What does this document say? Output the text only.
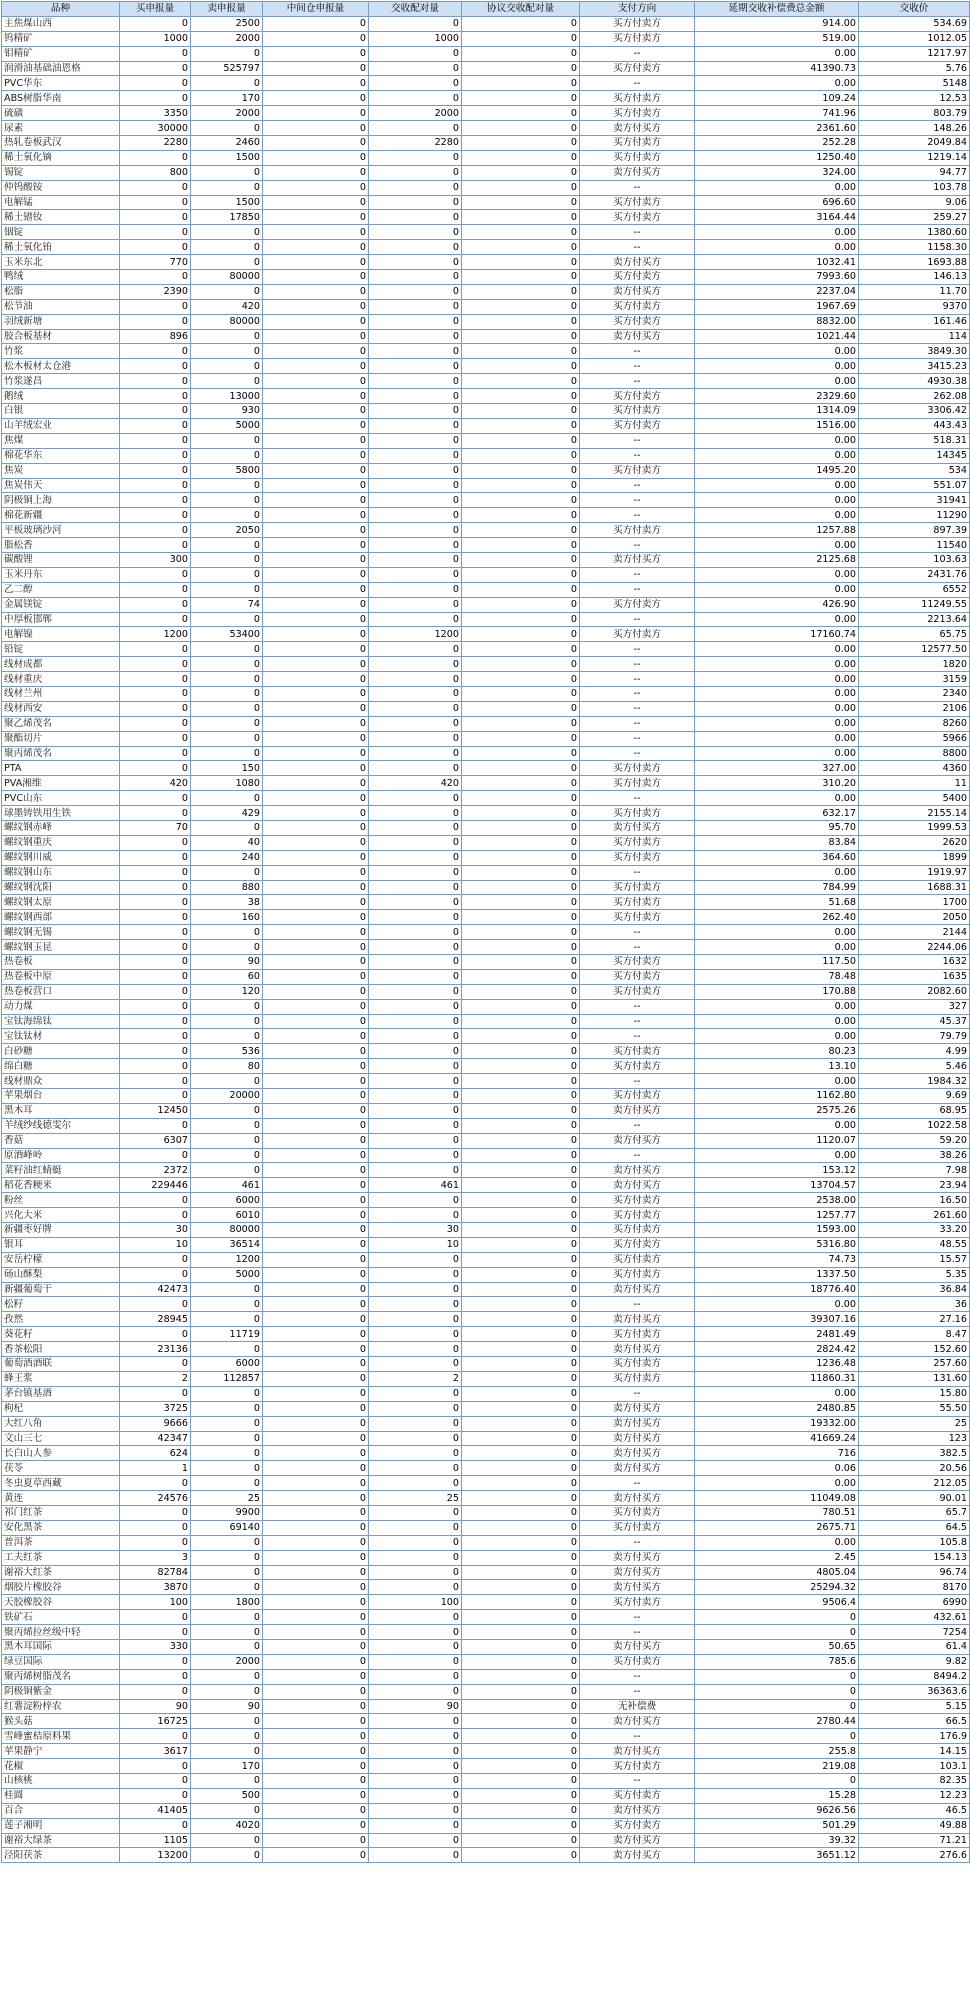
品种	买申报量	卖申报量	中间仓申报量	交收配对量	协议交收配对量	支付方向	延期交收补偿费总金额	交收价
主焦煤山西	0	2500	0	0	0	买方付卖方	914.00	534.69
钨精矿	1000	2000	0	1000	0	买方付卖方	519.00	1012.05
钼精矿	0	0	0	0	0	--	0.00	1217.97
润滑油基础油恩格	0	525797	0	0	0	买方付卖方	41390.73	5.76
PVC华东	0	0	0	0	0	--	0.00	5148
ABS树脂华南	0	170	0	0	0	买方付卖方	109.24	12.53
硫磺	3350	2000	0	2000	0	买方付卖方	741.96	803.79
尿素	30000	0	0	0	0	卖方付买方	2361.60	148.26
热轧卷板武汉	2280	2460	0	2280	0	买方付卖方	252.28	2049.84
稀土氧化镝	0	1500	0	0	0	买方付卖方	1250.40	1219.14
锡锭	800	0	0	0	0	卖方付买方	324.00	94.77
仲钨酸铵	0	0	0	0	0	--	0.00	103.78
电解锰	0	1500	0	0	0	买方付卖方	696.60	9.06
稀土镨钕	0	17850	0	0	0	买方付卖方	3164.44	259.27
铟锭	0	0	0	0	0	--	0.00	1380.60
稀土氧化铕	0	0	0	0	0	--	0.00	1158.30
玉米东北	770	0	0	0	0	卖方付买方	1032.41	1693.88
鸭绒	0	80000	0	0	0	买方付卖方	7993.60	146.13
松脂	2390	0	0	0	0	卖方付买方	2237.04	11.70
松节油	0	420	0	0	0	买方付卖方	1967.69	9370
羽绒新塘	0	80000	0	0	0	买方付卖方	8832.00	161.46
胶合板基材	896	0	0	0	0	卖方付买方	1021.44	114
竹浆	0	0	0	0	0	--	0.00	3849.30
松木板材太仓港	0	0	0	0	0	--	0.00	3415.23
竹浆遂昌	0	0	0	0	0	--	0.00	4930.38
鹅绒	0	13000	0	0	0	买方付卖方	2329.60	262.08
白银	0	930	0	0	0	买方付卖方	1314.09	3306.42
山羊绒宏业	0	5000	0	0	0	买方付卖方	1516.00	443.43
焦煤	0	0	0	0	0	--	0.00	518.31
棉花华东	0	0	0	0	0	--	0.00	14345
焦炭	0	5800	0	0	0	买方付卖方	1495.20	534
焦炭伟天	0	0	0	0	0	--	0.00	551.07
阴极铜上海	0	0	0	0	0	--	0.00	31941
棉花新疆	0	0	0	0	0	--	0.00	11290
平板玻璃沙河	0	2050	0	0	0	买方付卖方	1257.88	897.39
脂松香	0	0	0	0	0	--	0.00	11540
碳酸锂	300	0	0	0	0	卖方付买方	2125.68	103.63
玉米丹东	0	0	0	0	0	--	0.00	2431.76
乙二醇	0	0	0	0	0	--	0.00	6552
金属镁锭	0	74	0	0	0	买方付卖方	426.90	11249.55
中厚板邯郸	0	0	0	0	0	--	0.00	2213.64
电解镍	1200	53400	0	1200	0	买方付卖方	17160.74	65.75
铅锭	0	0	0	0	0	--	0.00	12577.50
线材成都	0	0	0	0	0	--	0.00	1820
线材重庆	0	0	0	0	0	--	0.00	3159
线材兰州	0	0	0	0	0	--	0.00	2340
线材西安	0	0	0	0	0	--	0.00	2106
聚乙烯茂名	0	0	0	0	0	--	0.00	8260
聚酯切片	0	0	0	0	0	--	0.00	5966
聚丙烯茂名	0	0	0	0	0	--	0.00	8800
PTA	0	150	0	0	0	买方付卖方	327.00	4360
PVA湘维	420	1080	0	420	0	买方付卖方	310.20	11
PVC山东	0	0	0	0	0	--	0.00	5400
球墨铸铁用生铁	0	429	0	0	0	买方付卖方	632.17	2155.14
螺纹钢赤峰	70	0	0	0	0	卖方付买方	95.70	1999.53
螺纹钢重庆	0	40	0	0	0	买方付卖方	83.84	2620
螺纹钢川威	0	240	0	0	0	买方付卖方	364.60	1899
螺纹钢山东	0	0	0	0	0	--	0.00	1919.97
螺纹钢沈阳	0	880	0	0	0	买方付卖方	784.99	1688.31
螺纹钢太原	0	38	0	0	0	买方付卖方	51.68	1700
螺纹钢西部	0	160	0	0	0	买方付卖方	262.40	2050
螺纹钢无锡	0	0	0	0	0	--	0.00	2144
螺纹钢玉昆	0	0	0	0	0	--	0.00	2244.06
热卷板	0	90	0	0	0	买方付卖方	117.50	1632
热卷板中原	0	60	0	0	0	买方付卖方	78.48	1635
热卷板营口	0	120	0	0	0	买方付卖方	170.88	2082.60
动力煤	0	0	0	0	0	--	0.00	327
宝钛海绵钛	0	0	0	0	0	--	0.00	45.37
宝钛钛材	0	0	0	0	0	--	0.00	79.79
白砂糖	0	536	0	0	0	买方付卖方	80.23	4.99
绵白糖	0	80	0	0	0	买方付卖方	13.10	5.46
线材鼎众	0	0	0	0	0	--	0.00	1984.32
苹果烟台	0	20000	0	0	0	买方付卖方	1162.80	9.69
黑木耳	12450	0	0	0	0	卖方付买方	2575.26	68.95
羊绒纱线德雯尔	0	0	0	0	0	--	0.00	1022.58
香菇	6307	0	0	0	0	卖方付买方	1120.07	59.20
原酒峰岭	0	0	0	0	0	--	0.00	38.26
菜籽油红蜻蜓	2372	0	0	0	0	卖方付买方	153.12	7.98
稻花香粳米	229446	461	0	461	0	卖方付买方	13704.57	23.94
粉丝	0	6000	0	0	0	买方付卖方	2538.00	16.50
兴化大米	0	6010	0	0	0	买方付卖方	1257.77	261.60
新疆枣好牌	30	80000	0	30	0	买方付卖方	1593.00	33.20
银耳	10	36514	0	10	0	买方付卖方	5316.80	48.55
安岳柠檬	0	1200	0	0	0	买方付卖方	74.73	15.57
砀山酥梨	0	5000	0	0	0	买方付卖方	1337.50	5.35
新疆葡萄干	42473	0	0	0	0	卖方付买方	18776.40	36.84
松籽	0	0	0	0	0	--	0.00	36
孜然	28945	0	0	0	0	卖方付买方	39307.16	27.16
葵花籽	0	11719	0	0	0	买方付卖方	2481.49	8.47
香茶松阳	23136	0	0	0	0	卖方付买方	2824.42	152.60
葡萄酒酒联	0	6000	0	0	0	买方付卖方	1236.48	257.60
蜂王浆	2	112857	0	2	0	买方付卖方	11860.31	131.60
茅台镇基酒	0	0	0	0	0	--	0.00	15.80
枸杞	3725	0	0	0	0	卖方付买方	2480.85	55.50
大红八角	9666	0	0	0	0	卖方付买方	19332.00	25
文山三七	42347	0	0	0	0	卖方付买方	41669.24	123
长白山人参	624	0	0	0	0	卖方付买方	716	382.5
茯苓	1	0	0	0	0	卖方付买方	0.06	20.56
冬虫夏草西藏	0	0	0	0	0	--	0.00	212.05
黄连	24576	25	0	25	0	卖方付买方	11049.08	90.01
祁门红茶	0	9900	0	0	0	买方付卖方	780.51	65.7
安化黑茶	0	69140	0	0	0	买方付卖方	2675.71	64.5
普洱茶	0	0	0	0	0	--	0.00	105.8
工夫红茶	3	0	0	0	0	卖方付买方	2.45	154.13
谢裕大红茶	82784	0	0	0	0	卖方付买方	4805.04	96.74
烟胶片橡胶谷	3870	0	0	0	0	卖方付买方	25294.32	8170
天胶橡胶谷	100	1800	0	100	0	买方付卖方	9506.4	6990
铁矿石	0	0	0	0	0	--	0	432.61
聚丙烯拉丝级中轻	0	0	0	0	0	--	0	7254
黑木耳国际	330	0	0	0	0	卖方付买方	50.65	61.4
绿豆国际	0	2000	0	0	0	买方付卖方	785.6	9.82
聚丙烯树脂茂名	0	0	0	0	0	--	0	8494.2
阴极铜紫金	0	0	0	0	0	--	0	36363.6
红薯淀粉梓农	90	90	0	90	0	无补偿费	0	5.15
猴头菇	16725	0	0	0	0	卖方付买方	2780.44	66.5
雪峰蜜桔原料果	0	0	0	0	0	--	0	176.9
苹果静宁	3617	0	0	0	0	卖方付买方	255.8	14.15
花椒	0	170	0	0	0	买方付卖方	219.08	103.1
山核桃	0	0	0	0	0	--	0	82.35
桂圆	0	500	0	0	0	买方付卖方	15.28	12.23
百合	41405	0	0	0	0	卖方付买方	9626.56	46.5
莲子湘明	0	4020	0	0	0	买方付卖方	501.29	49.88
谢裕大绿茶	1105	0	0	0	0	卖方付买方	39.32	71.21
泾阳茯茶	13200	0	0	0	0	卖方付买方	3651.12	276.6
